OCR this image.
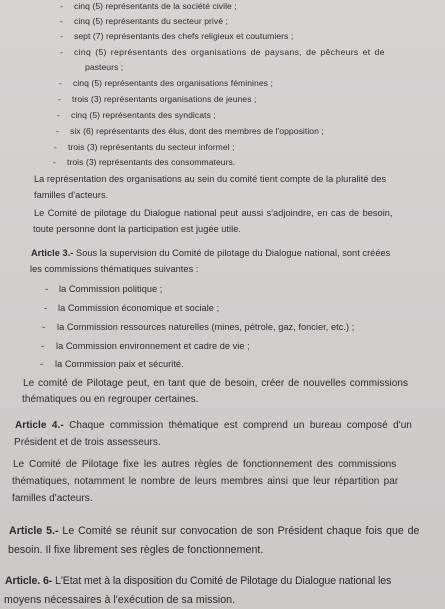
- cinq (5) représentants de la société civile ;
- cinq (5) représentants du secteur privé ;
- sept (7) représentants des chefs religieux et coutumiers ;
- cinq (5) représentants des organisations de paysans, de pêcheurs et de
pasteurs ;
- cinq (5) représentants des organisations féminines ;
- trois (3) représentants organisations de jeunes ;
- cinq (5) représentants des syndicats ;
- six (6) représentants des élus, dont des membres de l'opposition ;
- trois (3) représentants du secteur informel ;
- trois (3) représentants des consommateurs.
La représentation des organisations au sein du comité tient compte de la pluralité des
familles d'acteurs.
Le Comité de pilotage du Dialogue national peut aussi s'adjoindre, en cas de besoin,
toute personne dont la participation est jugée utile.
Article 3.- Sous la supervision du Comité de pilotage du Dialogue national, sont créées
les commissions thématiques suivantes :
- la Commission politique ;
- la Commission économique et sociale ;
- la Commission ressources naturelles (mines, pétrole, gaz, foncier, etc.) ;
- la Commission environnement et cadre de vie ;
- la Commission paix et sécurité.
Le comité de Pilotage peut, en tant que de besoin, créer de nouvelles commissions
thématiques ou en regrouper certaines.
Article 4.- Chaque commission thématique est comprend un bureau composé d'un
Président et de trois assesseurs.
Le Comité de Pilotage fixe les autres règles de fonctionnement des commissions
thématiques, notamment le nombre de leurs membres ainsi que leur répartition par
familles d'acteurs.
Article 5.- Le Comité se réunit sur convocation de son Président chaque fois que de
besoin. Il fixe librement ses règles de fonctionnement.
Article. 6- L'Etat met à la disposition du Comité de Pilotage du Dialogue national les
moyens nécessaires à l'exécution de sa mission.
